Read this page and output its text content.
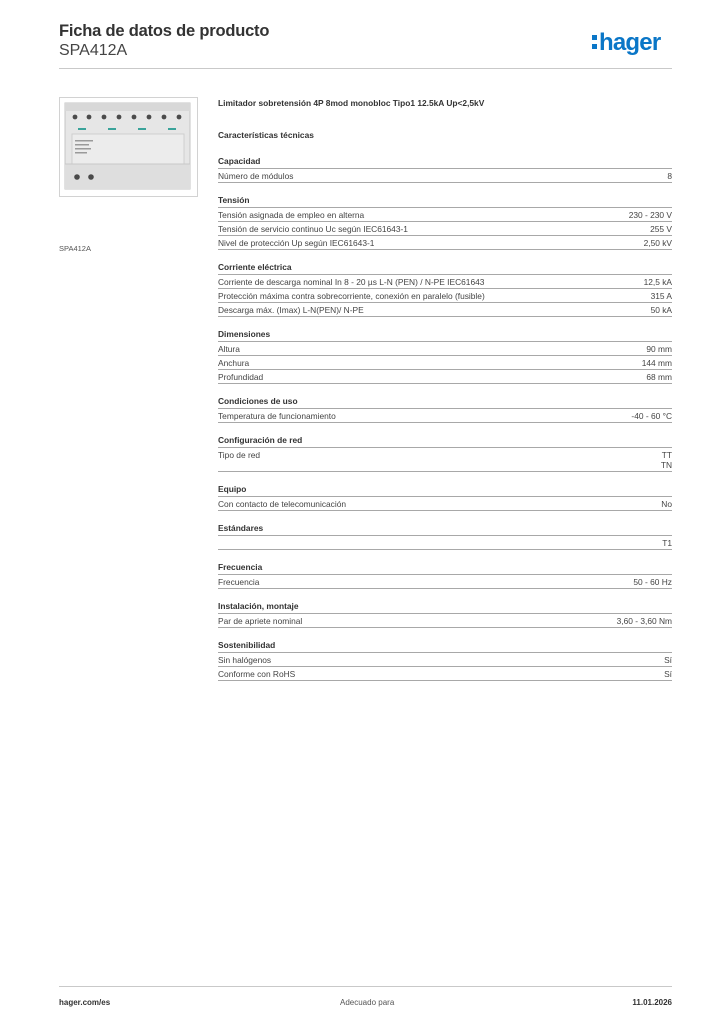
Ficha de datos de producto
SPA412A	hager
SPA412A
Limitador sobretensión 4P 8mod monobloc Tipo1 12.5kA Up<2,5kV
Características técnicas
Capacidad
Número de módulos	8
Tensión
Tensión asignada de empleo en alterna	230 - 230 V
Tensión de servicio continuo Uc según IEC61643-1	255 V
Nivel de protección Up según IEC61643-1	2,50 kV
Corriente eléctrica
Corriente de descarga nominal In 8 - 20 µs L-N (PEN) / N-PE IEC61643	12,5 kA
Protección máxima contra sobrecorriente, conexión en paralelo (fusible)	315 A
Descarga máx. (Imax) L-N(PEN)/ N-PE	50 kA
Dimensiones
Altura	90 mm
Anchura	144 mm
Profundidad	68 mm
Condiciones de uso
Temperatura de funcionamiento	-40 - 60 °C
Configuración de red
Tipo de red	TT
TN
Equipo
Con contacto de telecomunicación	No
Estándares
T1
Frecuencia
Frecuencia	50 - 60 Hz
Instalación, montaje
Par de apriete nominal	3,60 - 3,60 Nm
Sostenibilidad
Sin halógenos	Sí
Conforme con RoHS	Sí
hager.com/es	Adecuado para	11.01.2026
